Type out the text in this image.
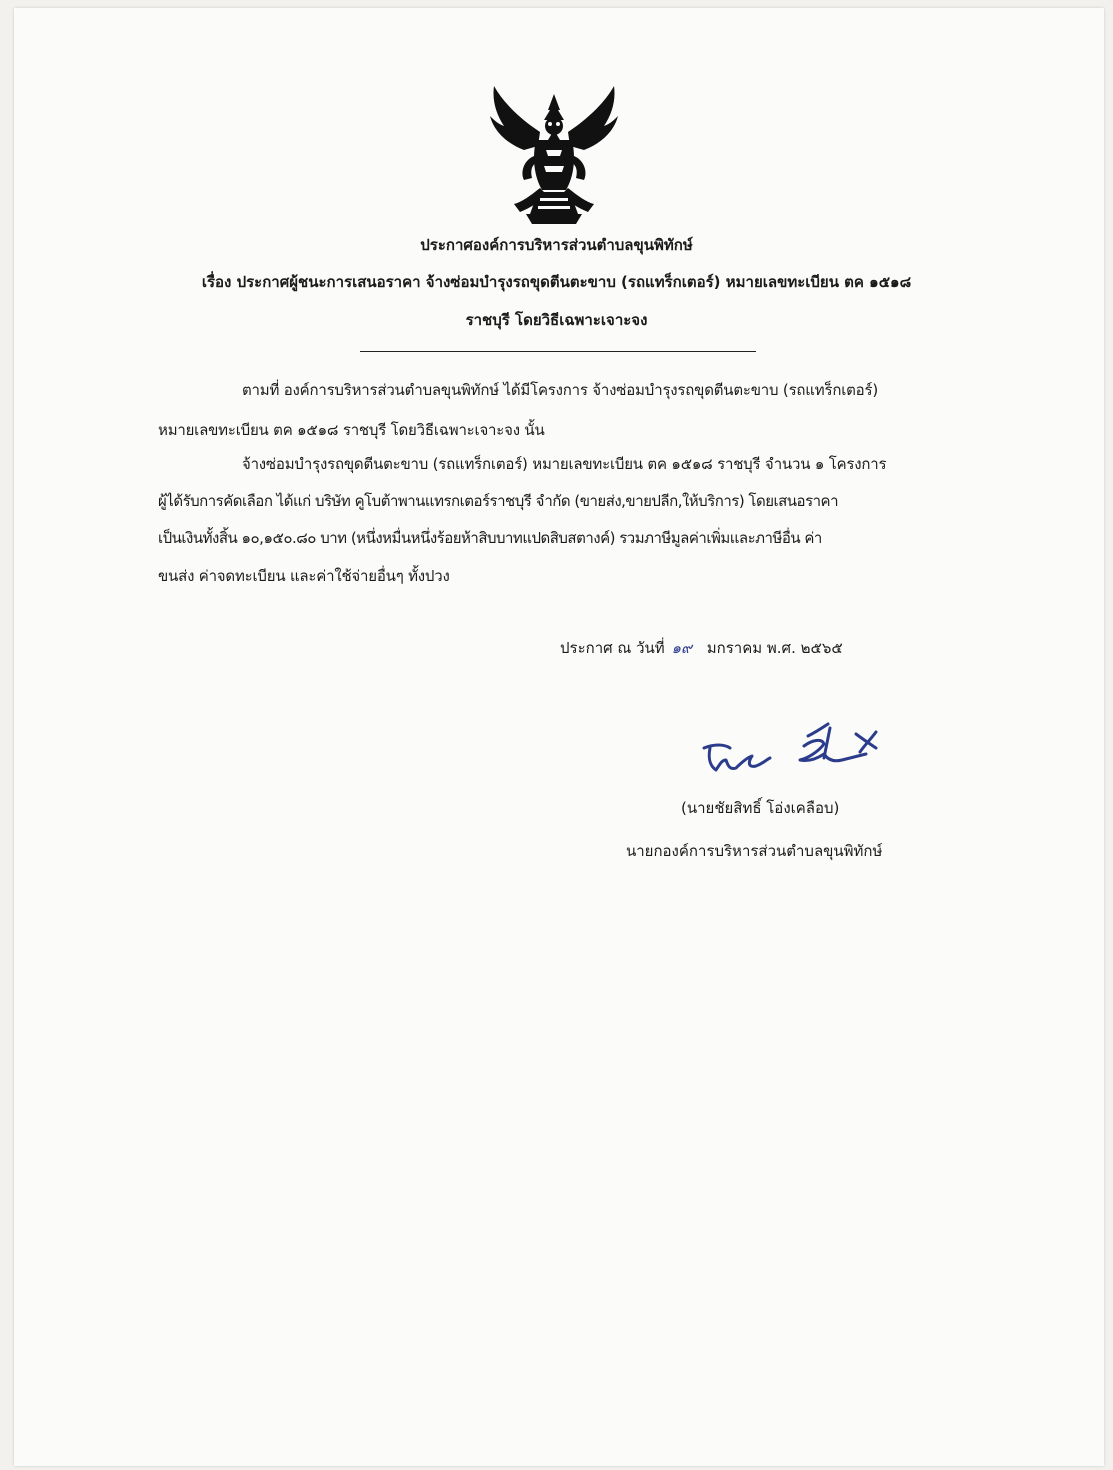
ประกาศองค์การบริหารส่วนตำบลขุนพิทักษ์
เรื่อง ประกาศผู้ชนะการเสนอราคา จ้างซ่อมบำรุงรถขุดตีนตะขาบ (รถแทร็กเตอร์) หมายเลขทะเบียน ตค ๑๕๑๘
ราชบุรี โดยวิธีเฉพาะเจาะจง
ตามที่ องค์การบริหารส่วนตำบลขุนพิทักษ์ ได้มีโครงการ จ้างซ่อมบำรุงรถขุดตีนตะขาบ (รถแทร็กเตอร์)
หมายเลขทะเบียน ตค ๑๕๑๘ ราชบุรี โดยวิธีเฉพาะเจาะจง นั้น
จ้างซ่อมบำรุงรถขุดตีนตะขาบ (รถแทร็กเตอร์) หมายเลขทะเบียน ตค ๑๕๑๘ ราชบุรี จำนวน ๑ โครงการ
ผู้ได้รับการคัดเลือก ได้แก่ บริษัท คูโบต้าพานแทรกเตอร์ราชบุรี จำกัด (ขายส่ง,ขายปลีก,ให้บริการ) โดยเสนอราคา
เป็นเงินทั้งสิ้น ๑๐,๑๕๐.๘๐ บาท (หนึ่งหมื่นหนึ่งร้อยห้าสิบบาทแปดสิบสตางค์) รวมภาษีมูลค่าเพิ่มและภาษีอื่น ค่า
ขนส่ง ค่าจดทะเบียน และค่าใช้จ่ายอื่นๆ ทั้งปวง
ประกาศ ณ วันที่ ๑๙ มกราคม พ.ศ. ๒๕๖๕
(นายชัยสิทธิ์ โอ่งเคลือบ)
นายกองค์การบริหารส่วนตำบลขุนพิทักษ์
